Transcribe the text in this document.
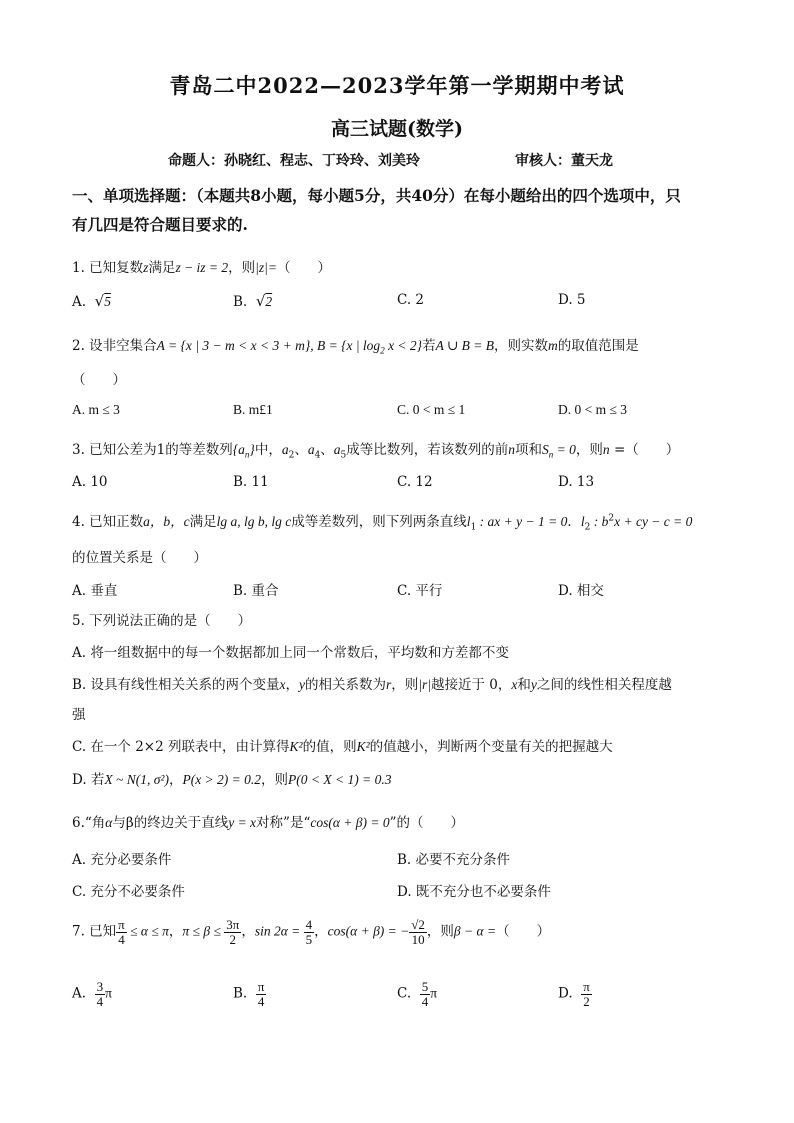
青岛二中2022—2023学年第一学期期中考试
高三试题(数学)
命题人：孙晓红、程志、丁玲玲、刘美玲	审核人：董天龙
一、单项选择题：（本题共8小题，每小题5分，共40分）在每小题给出的四个选项中，只
有几四是符合题目要求的.
1. 已知复数z满足z − iz = 2，则|z|=（　　）
A. √5	B. √2	C. 2	D. 5
2. 设非空集合A = {x | 3 − m < x < 3 + m}, B = {x | $\log_2 x < 2$}若A ∪ B = B，则实数m的取值范围是
（　　）
A. m ≤ 3	B. m£1	C. 0 < m ≤ 1	D. 0 < m ≤ 3
3. 已知公差为1的等差数列$\{a_n\}$中，$a_2$、$a_4$、$a_5$成等比数列，若该数列的前n项和$S_n = 0$，则n =（　　）
A. 10	B. 11	C. 12	D. 13
4. 已知正数a，b，c满足lg a, lg b, lg c成等差数列，则下列两条直线$l_1$ : ax + y − 1 = 0．$l_2$ : $b^2x$ + cy − c = 0
的位置关系是（　　）
A. 垂直	B. 重合	C. 平行	D. 相交
5. 下列说法正确的是（　　）
A. 将一组数据中的每一个数据都加上同一个常数后，平均数和方差都不变
B. 设具有线性相关关系的两个变量x，y的相关系数为r，则|r|越接近于 0，x和y之间的线性相关程度越
强
C. 在一个 2×2 列联表中，由计算得K²的值，则K²的值越小，判断两个变量有关的把握越大
D. 若X ~ N(1, σ²)，P(x > 2) = 0.2，则P(0 < X < 1) = 0.3
6.“角α与β的终边关于直线y = x对称”是“cos(α + β) = 0”的（　　）
A. 充分必要条件	B. 必要不充分条件
C. 充分不必要条件	D. 既不充分也不必要条件
7. 已知 $\frac{\pi}{4} \le \alpha \le \pi$，$\pi \le \beta \le \frac{3\pi}{2}$ ，$\sin 2\alpha = \frac{4}{5}$ ，cos(α + β) = − $\frac{√2}{10}$ ，则β − α =（　　）
A. $\frac{3}{4}$ π	B. $\frac{\pi}{4}$	C. $\frac{5}{4}$ π	D. $\frac{\pi}{2}$
